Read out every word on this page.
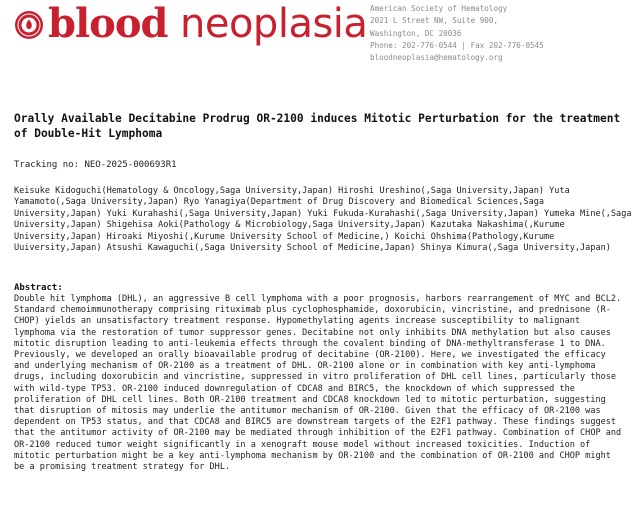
blood neoplasia American Society of Hematology
2021 L Street NW, Suite 900,
Washington, DC 20036
Phone: 202-776-0544 | Fax 202-776-0545
bloodneoplasia@hematology.org
Orally Available Decitabine Prodrug OR-2100 induces Mitotic Perturbation for the treatment of Double-Hit Lymphoma
Tracking no: NEO-2025-000693R1
Keisuke Kidoguchi(Hematology & Oncology,Saga University,Japan) Hiroshi Ureshino(,Saga University,Japan) Yuta Yamamoto(,Saga University,Japan) Ryo Yanagiya(Department of Drug Discovery and Biomedical Sciences,Saga University,Japan) Yuki Kurahashi(,Saga University,Japan) Yuki Fukuda-Kurahashi(,Saga University,Japan) Yumeka Mine(,Saga University,Japan) Shigehisa Aoki(Pathology & Microbiology,Saga University,Japan) Kazutaka Nakashima(,Kurume University,Japan) Hiroaki Miyoshi(,Kurume University School of Medicine,) Koichi Ohshima(Pathology,Kurume Uuiversity,Japan) Atsushi Kawaguchi(,Saga University School of Medicine,Japan) Shinya Kimura(,Saga University,Japan)
Abstract:
Double hit lymphoma (DHL), an aggressive B cell lymphoma with a poor prognosis, harbors rearrangement of MYC and BCL2. Standard chemoimmunotherapy comprising rituximab plus cyclophosphamide, doxorubicin, vincristine, and prednisone (R-CHOP) yields an unsatisfactory treatment response. Hypomethylating agents increase susceptibility to malignant lymphoma via the restoration of tumor suppressor genes. Decitabine not only inhibits DNA methylation but also causes mitotic disruption leading to anti-leukemia effects through the covalent binding of DNA-methyltransferase 1 to DNA. Previously, we developed an orally bioavailable prodrug of decitabine (OR-2100). Here, we investigated the efficacy and underlying mechanism of OR-2100 as a treatment of DHL. OR-2100 alone or in combination with key anti-lymphoma drugs, including doxorubicin and vincristine, suppressed in vitro proliferation of DHL cell lines, particularly those with wild-type TP53. OR-2100 induced downregulation of CDCA8 and BIRC5, the knockdown of which suppressed the proliferation of DHL cell lines. Both OR-2100 treatment and CDCA8 knockdown led to mitotic perturbation, suggesting that disruption of mitosis may underlie the antitumor mechanism of OR-2100. Given that the efficacy of OR-2100 was dependent on TP53 status, and that CDCA8 and BIRC5 are downstream targets of the E2F1 pathway. These findings suggest that the antitumor activity of OR-2100 may be mediated through inhibition of the E2F1 pathway. Combination of CHOP and OR-2100 reduced tumor weight significantly in a xenograft mouse model without increased toxicities. Induction of mitotic perturbation might be a key anti-lymphoma mechanism by OR-2100 and the combination of OR-2100 and CHOP might be a promising treatment strategy for DHL.
